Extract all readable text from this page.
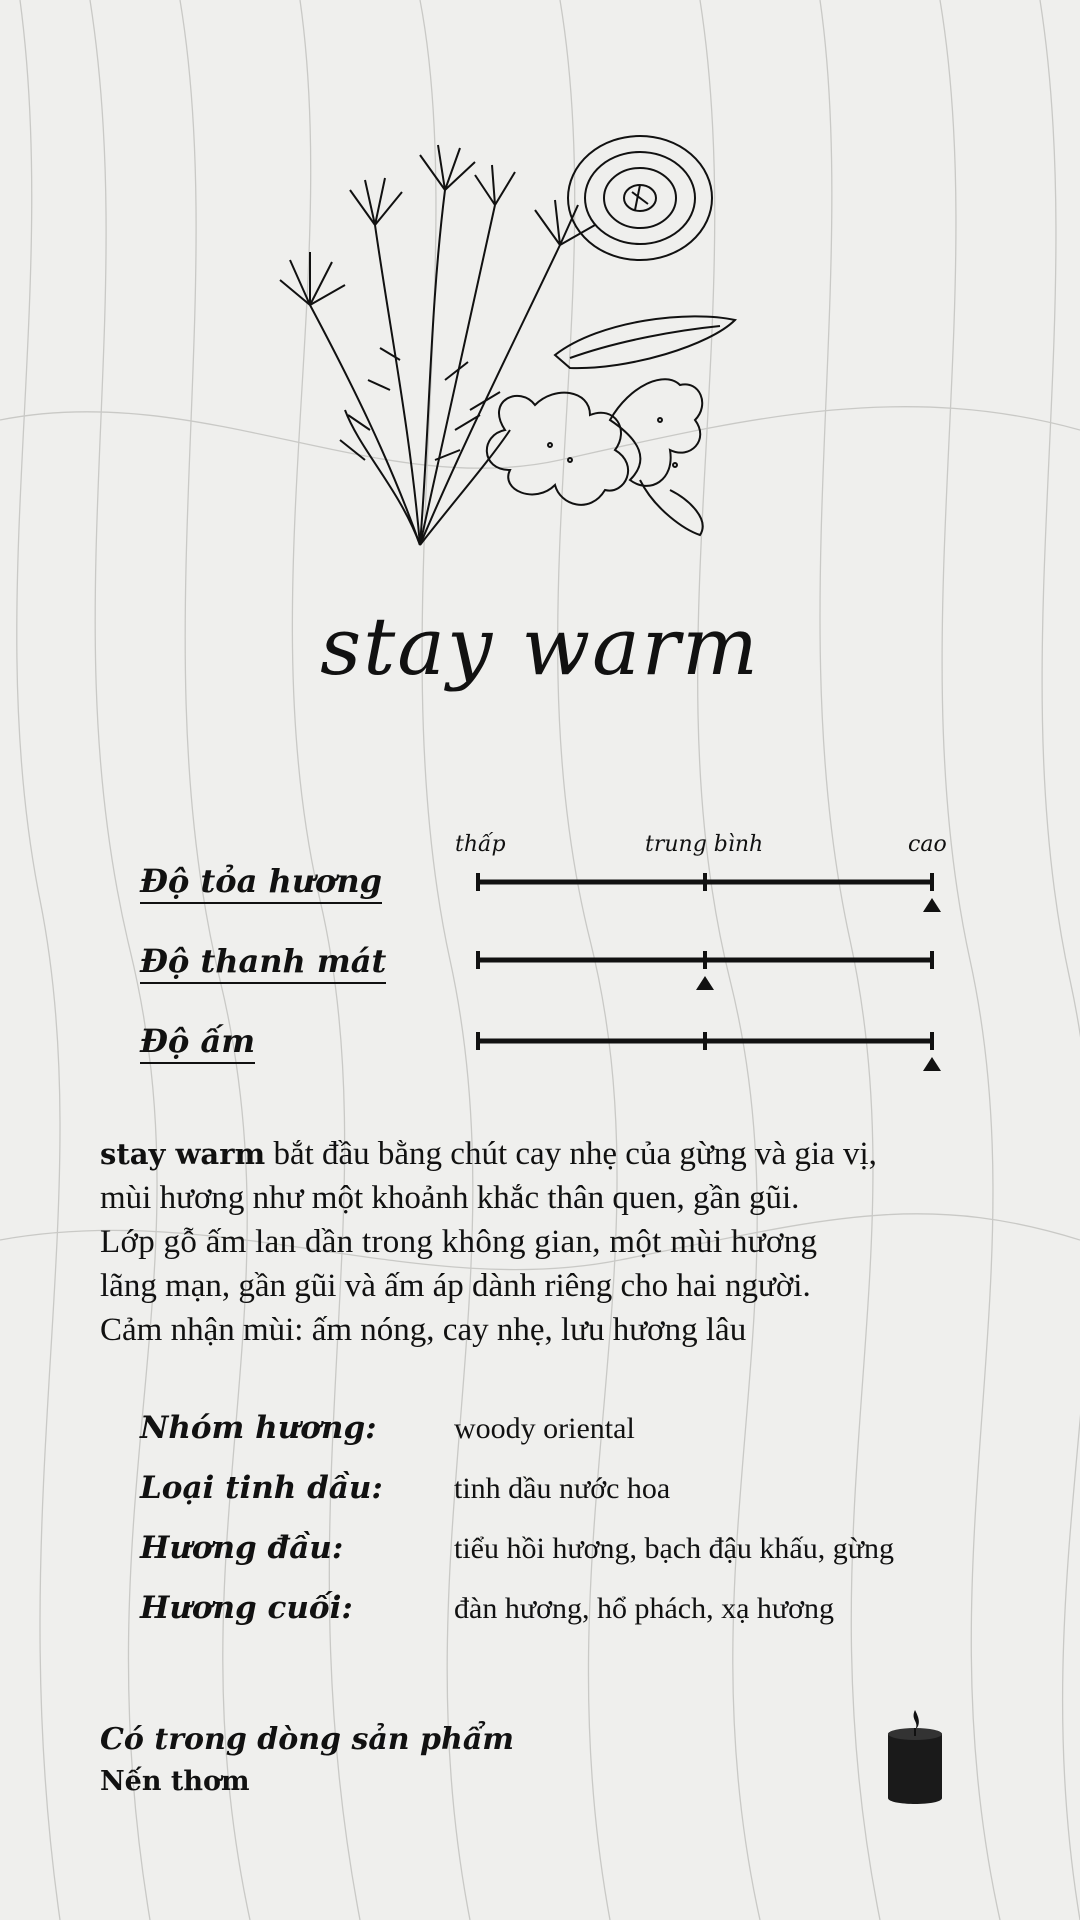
stay warm
thấp	trung bình	cao
Độ tỏa hương
Độ thanh mát
Độ ấm
stay warm bắt đầu bằng chút cay nhẹ của gừng và gia vị,
mùi hương như một khoảnh khắc thân quen, gần gũi.
Lớp gỗ ấm lan dần trong không gian, một mùi hương
lãng mạn, gần gũi và ấm áp dành riêng cho hai người.
Cảm nhận mùi: ấm nóng, cay nhẹ, lưu hương lâu
Nhóm hương:	woody oriental
Loại tinh dầu: tinh dầu nước hoa
Hương đầu:	tiểu hồi hương, bạch đậu khấu, gừng
Hương cuối:	đàn hương, hổ phách, xạ hương
Có trong dòng sản phẩm
Nến thơm
